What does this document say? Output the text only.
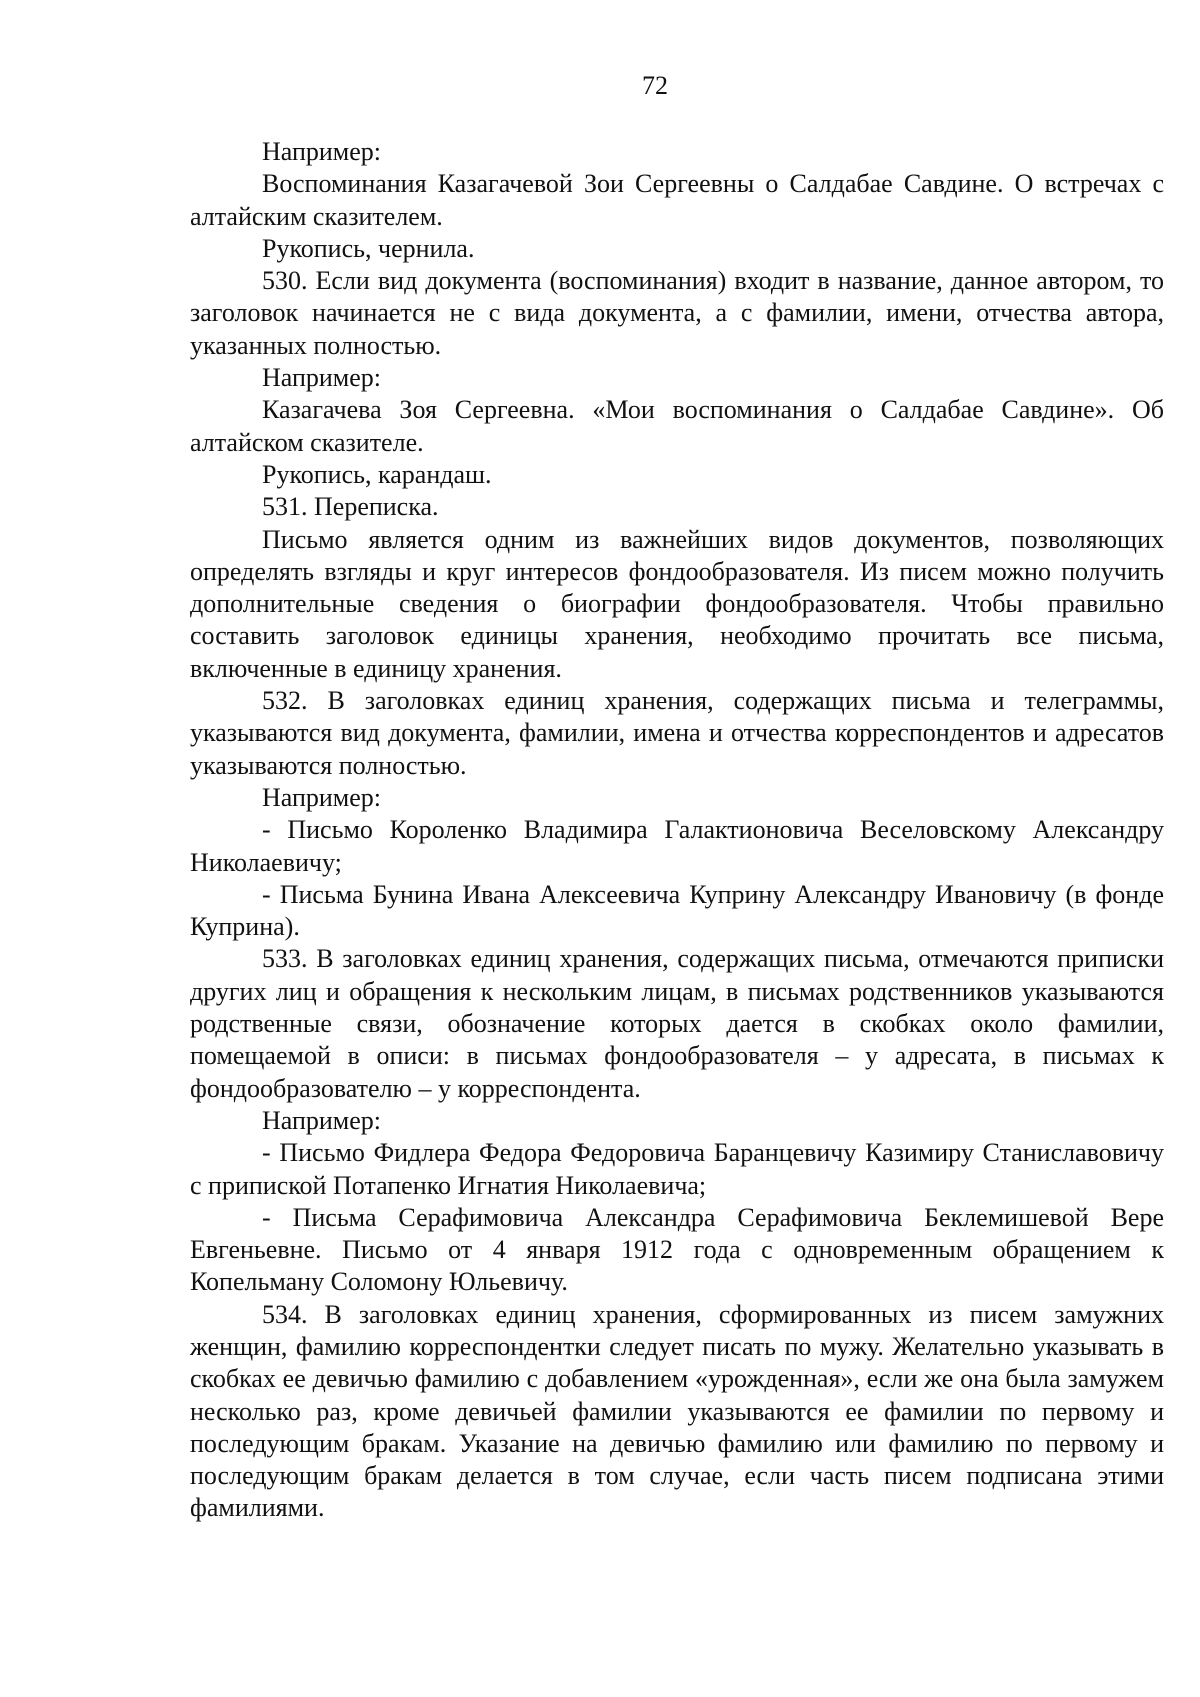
72

Например:

Воспоминания Казагачевой Зои Сергеевны о Салдабае Савдине. О встречах с алтайским сказителем.

Рукопись, чернила.

530. Если вид документа (воспоминания) входит в название, данное автором, то заголовок начинается не с вида документа, а с фамилии, имени, отчества автора, указанных полностью.

Например:

Казагачева Зоя Сергеевна. «Мои воспоминания о Салдабае Савдине». Об алтайском сказителе.

Рукопись, карандаш.

531. Переписка.

Письмо является одним из важнейших видов документов, позволяющих определять взгляды и круг интересов фондообразователя. Из писем можно получить дополнительные сведения о биографии фондообразователя. Чтобы правильно составить заголовок единицы хранения, необходимо прочитать все письма, включенные в единицу хранения.

532. В заголовках единиц хранения, содержащих письма и телеграммы, указываются вид документа, фамилии, имена и отчества корреспондентов и адресатов указываются полностью.

Например:

- Письмо Короленко Владимира Галактионовича Веселовскому Александру Николаевичу;

- Письма Бунина Ивана Алексеевича Куприну Александру Ивановичу (в фонде Куприна).

533. В заголовках единиц хранения, содержащих письма, отмечаются приписки других лиц и обращения к нескольким лицам, в письмах родственников указываются родственные связи, обозначение которых дается в скобках около фамилии, помещаемой в описи: в письмах фондообразователя – у адресата, в письмах к фондообразователю – у корреспондента.

Например:

- Письмо Фидлера Федора Федоровича Баранцевичу Казимиру Станиславовичу с припиской Потапенко Игнатия Николаевича;

- Письма Серафимовича Александра Серафимовича Беклемишевой Вере Евгеньевне. Письмо от 4 января 1912 года с одновременным обращением к Копельману Соломону Юльевичу.

534. В заголовках единиц хранения, сформированных из писем замужних женщин, фамилию корреспондентки следует писать по мужу. Желательно указывать в скобках ее девичью фамилию с добавлением «урожденная», если же она была замужем несколько раз, кроме девичьей фамилии указываются ее фамилии по первому и последующим бракам. Указание на девичью фамилию или фамилию по первому и последующим бракам делается в том случае, если часть писем подписана этими фамилиями.
